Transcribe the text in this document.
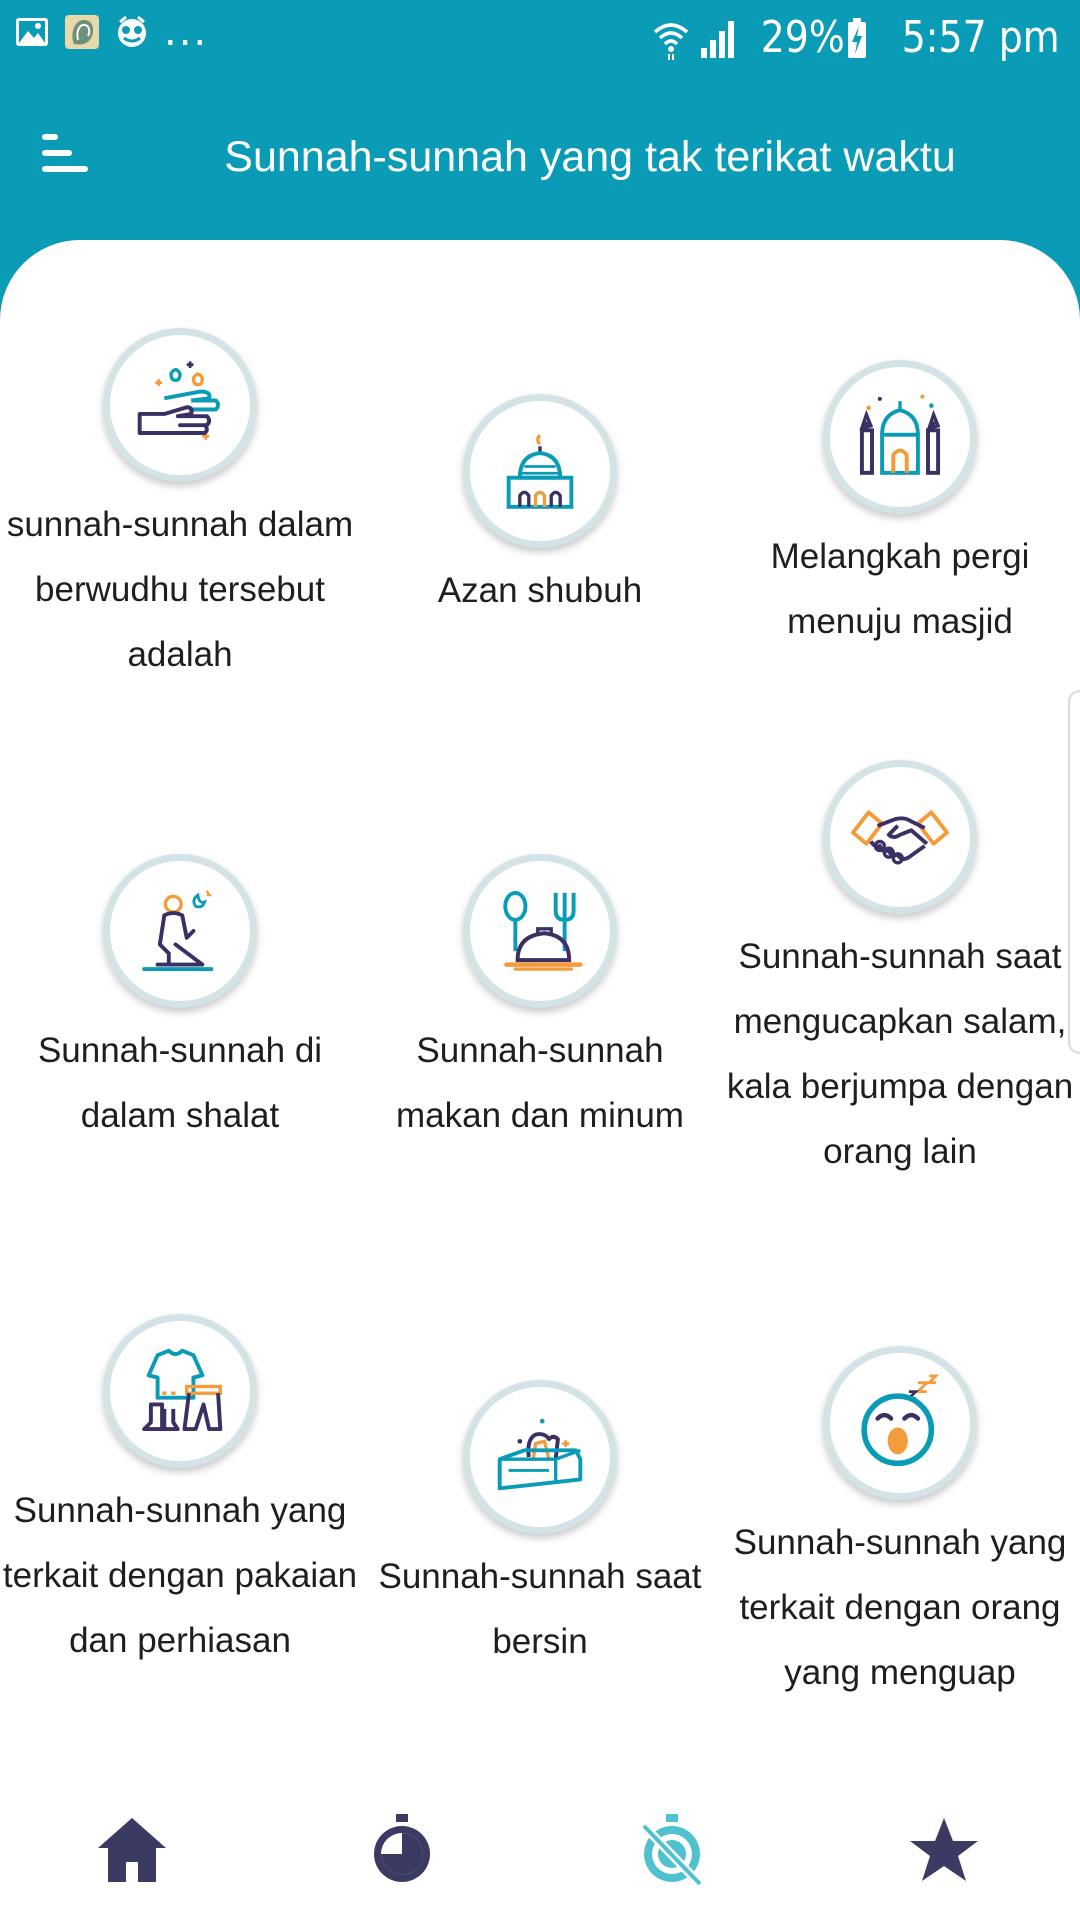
...	29% 5:57 pm
Sunnah-sunnah yang tak terikat waktu
sunnah-sunnah dalam berwudhu tersebut adalah
Azan shubuh
Melangkah pergi menuju masjid
Sunnah-sunnah di dalam shalat
Sunnah-sunnah makan dan minum
Sunnah-sunnah saat mengucapkan salam, kala berjumpa dengan orang lain
Sunnah-sunnah yang terkait dengan pakaian dan perhiasan
Sunnah-sunnah saat bersin
Sunnah-sunnah yang terkait dengan orang yang menguap
